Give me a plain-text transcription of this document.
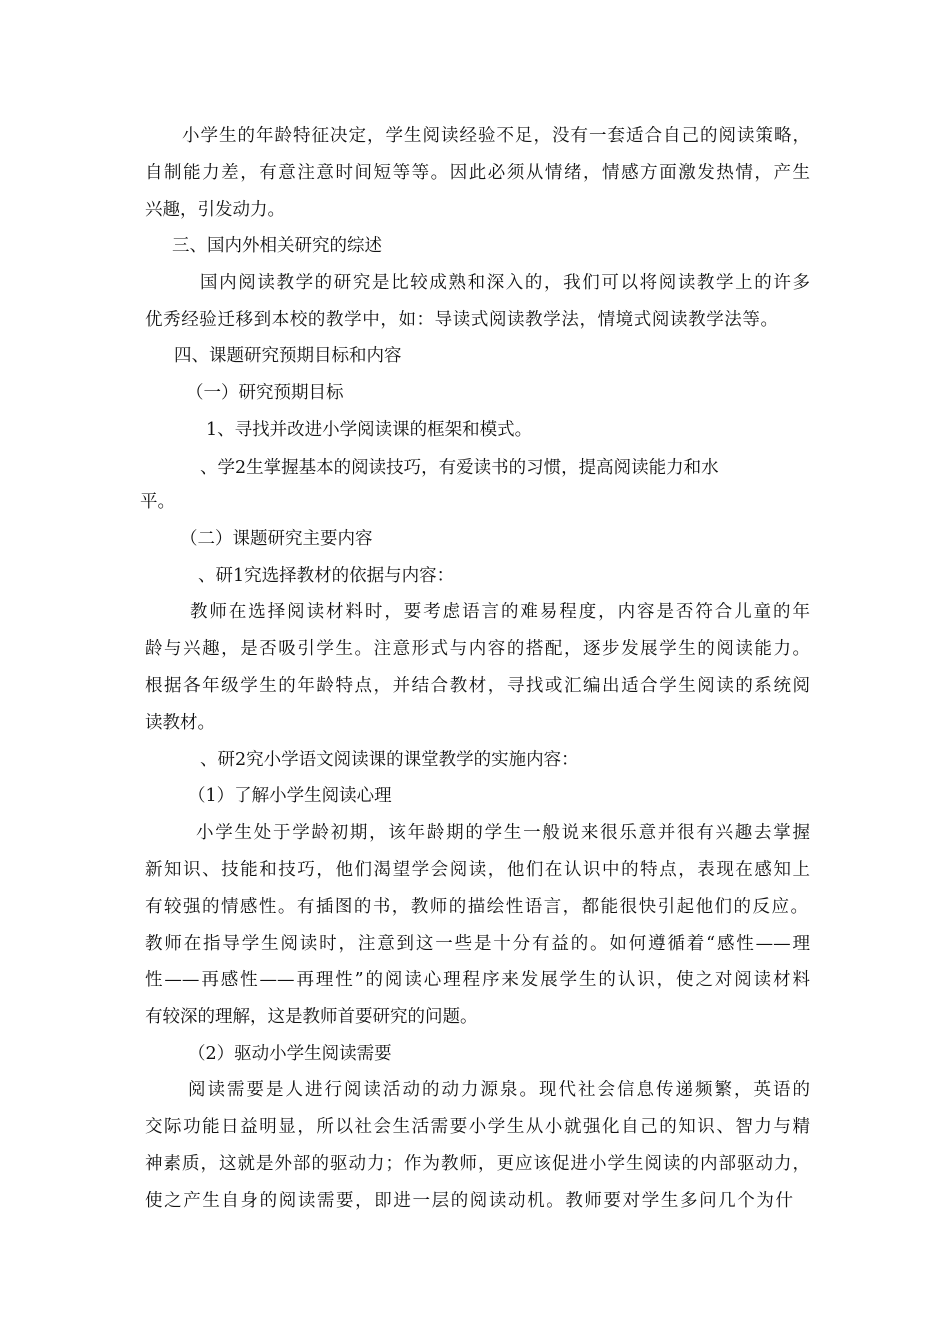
小学生的年龄特征决定，学生阅读经验不足，没有一套适合自己的阅读策略，
自制能力差，有意注意时间短等等。因此必须从情绪，情感方面激发热情，产生
兴趣，引发动力。
三、国内外相关研究的综述
国内阅读教学的研究是比较成熟和深入的，我们可以将阅读教学上的许多
优秀经验迁移到本校的教学中，如：导读式阅读教学法，情境式阅读教学法等。
四、课题研究预期目标和内容
（一）研究预期目标
1、寻找并改进小学阅读课的框架和模式。
、学2生掌握基本的阅读技巧，有爱读书的习惯，提高阅读能力和水
平。
（二）课题研究主要内容
、研1究选择教材的依据与内容：
教师在选择阅读材料时，要考虑语言的难易程度，内容是否符合儿童的年
龄与兴趣，是否吸引学生。注意形式与内容的搭配，逐步发展学生的阅读能力。
根据各年级学生的年龄特点，并结合教材，寻找或汇编出适合学生阅读的系统阅
读教材。
、研2究小学语文阅读课的课堂教学的实施内容：
（1）了解小学生阅读心理
小学生处于学龄初期，该年龄期的学生一般说来很乐意并很有兴趣去掌握
新知识、技能和技巧，他们渴望学会阅读，他们在认识中的特点，表现在感知上
有较强的情感性。有插图的书，教师的描绘性语言，都能很快引起他们的反应。
教师在指导学生阅读时，注意到这一些是十分有益的。如何遵循着“感性——理
性——再感性——再理性”的阅读心理程序来发展学生的认识，使之对阅读材料
有较深的理解，这是教师首要研究的问题。
（2）驱动小学生阅读需要
阅读需要是人进行阅读活动的动力源泉。现代社会信息传递频繁，英语的
交际功能日益明显，所以社会生活需要小学生从小就强化自己的知识、智力与精
神素质，这就是外部的驱动力；作为教师，更应该促进小学生阅读的内部驱动力，
使之产生自身的阅读需要，即进一层的阅读动机。教师要对学生多问几个为什
